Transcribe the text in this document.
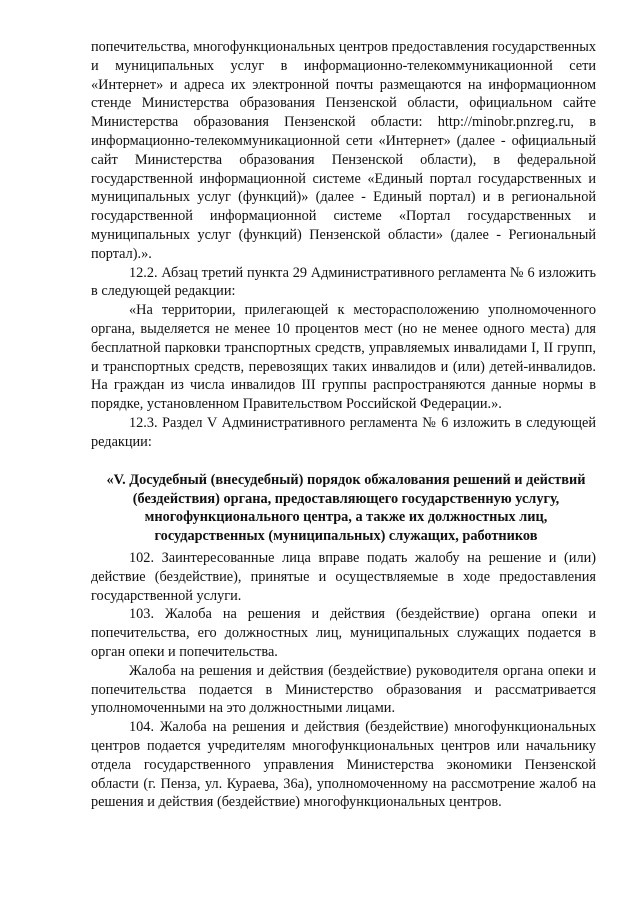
попечительства, многофункциональных центров предоставления государственных и муниципальных услуг в информационно-телекоммуникационной сети «Интернет» и адреса их электронной почты размещаются на информационном стенде Министерства образования Пензенской области, официальном сайте Министерства образования Пензенской области: http://minobr.pnzreg.ru, в информационно-телекоммуникационной сети «Интернет» (далее - официальный сайт Министерства образования Пензенской области), в федеральной государственной информационной системе «Единый портал государственных и муниципальных услуг (функций)» (далее - Единый портал) и в региональной государственной информационной системе «Портал государственных и муниципальных услуг (функций) Пензенской области» (далее - Региональный портал).».

12.2. Абзац третий пункта 29 Административного регламента № 6 изложить в следующей редакции:

«На территории, прилегающей к месторасположению уполномоченного органа, выделяется не менее 10 процентов мест (но не менее одного места) для бесплатной парковки транспортных средств, управляемых инвалидами I, II групп, и транспортных средств, перевозящих таких инвалидов и (или) детей-инвалидов. На граждан из числа инвалидов III группы распространяются данные нормы в порядке, установленном Правительством Российской Федерации.».

12.3. Раздел V Административного регламента № 6 изложить в следующей редакции:

«V. Досудебный (внесудебный) порядок обжалования решений и действий (бездействия) органа, предоставляющего государственную услугу, многофункционального центра, а также их должностных лиц, государственных (муниципальных) служащих, работников

102. Заинтересованные лица вправе подать жалобу на решение и (или) действие (бездействие), принятые и осуществляемые в ходе предоставления государственной услуги.

103. Жалоба на решения и действия (бездействие) органа опеки и попечительства, его должностных лиц, муниципальных служащих подается в орган опеки и попечительства.

Жалоба на решения и действия (бездействие) руководителя органа опеки и попечительства подается в Министерство образования и рассматривается уполномоченными на это должностными лицами.

104. Жалоба на решения и действия (бездействие) многофункциональных центров подается учредителям многофункциональных центров или начальнику отдела государственного управления Министерства экономики Пензенской области (г. Пенза, ул. Кураева, 36а), уполномоченному на рассмотрение жалоб на решения и действия (бездействие) многофункциональных центров.
